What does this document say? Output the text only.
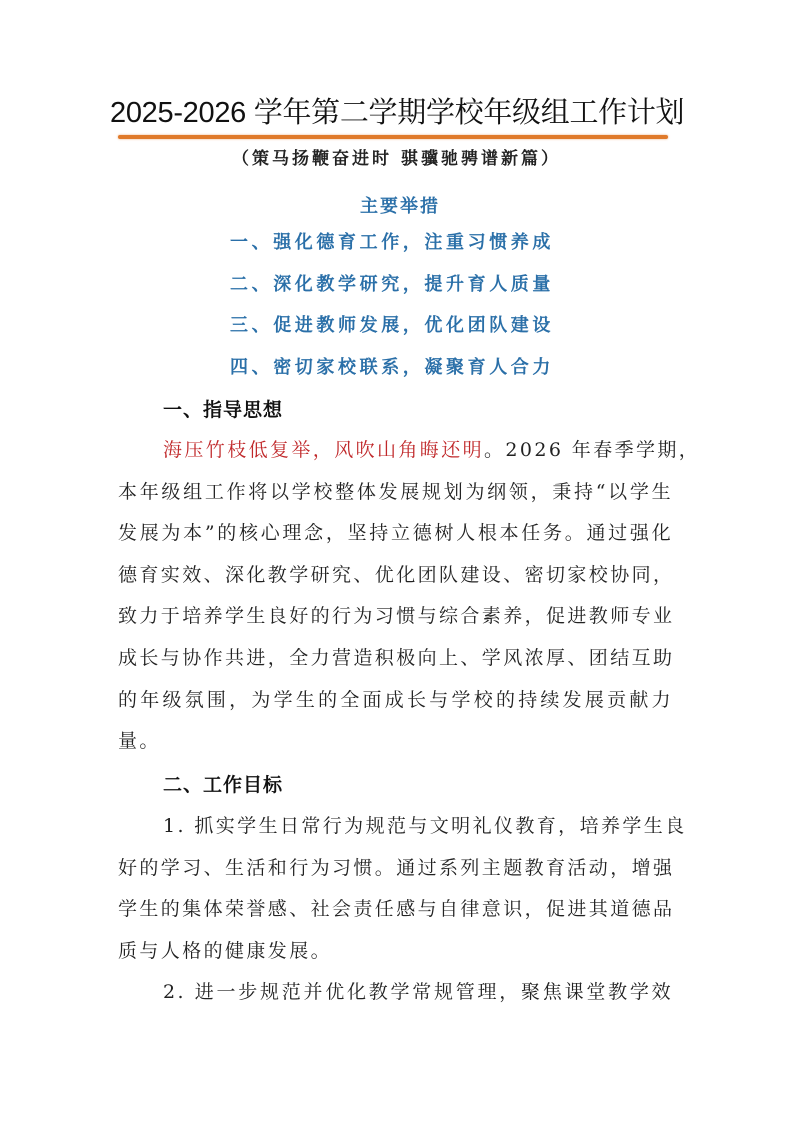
2025-2026 学年第二学期学校年级组工作计划
（策马扬鞭奋进时 骐骥驰骋谱新篇）
主要举措
一、强化德育工作，注重习惯养成
二、深化教学研究，提升育人质量
三、促进教师发展，优化团队建设
四、密切家校联系，凝聚育人合力
一、指导思想
海压竹枝低复举，风吹山角晦还明。2026 年春季学期，
本年级组工作将以学校整体发展规划为纲领，秉持“以学生
发展为本”的核心理念，坚持立德树人根本任务。通过强化
德育实效、深化教学研究、优化团队建设、密切家校协同，
致力于培养学生良好的行为习惯与综合素养，促进教师专业
成长与协作共进，全力营造积极向上、学风浓厚、团结互助
的年级氛围，为学生的全面成长与学校的持续发展贡献力
量。
二、工作目标
1. 抓实学生日常行为规范与文明礼仪教育，培养学生良
好的学习、生活和行为习惯。通过系列主题教育活动，增强
学生的集体荣誉感、社会责任感与自律意识，促进其道德品
质与人格的健康发展。
2. 进一步规范并优化教学常规管理，聚焦课堂教学效
